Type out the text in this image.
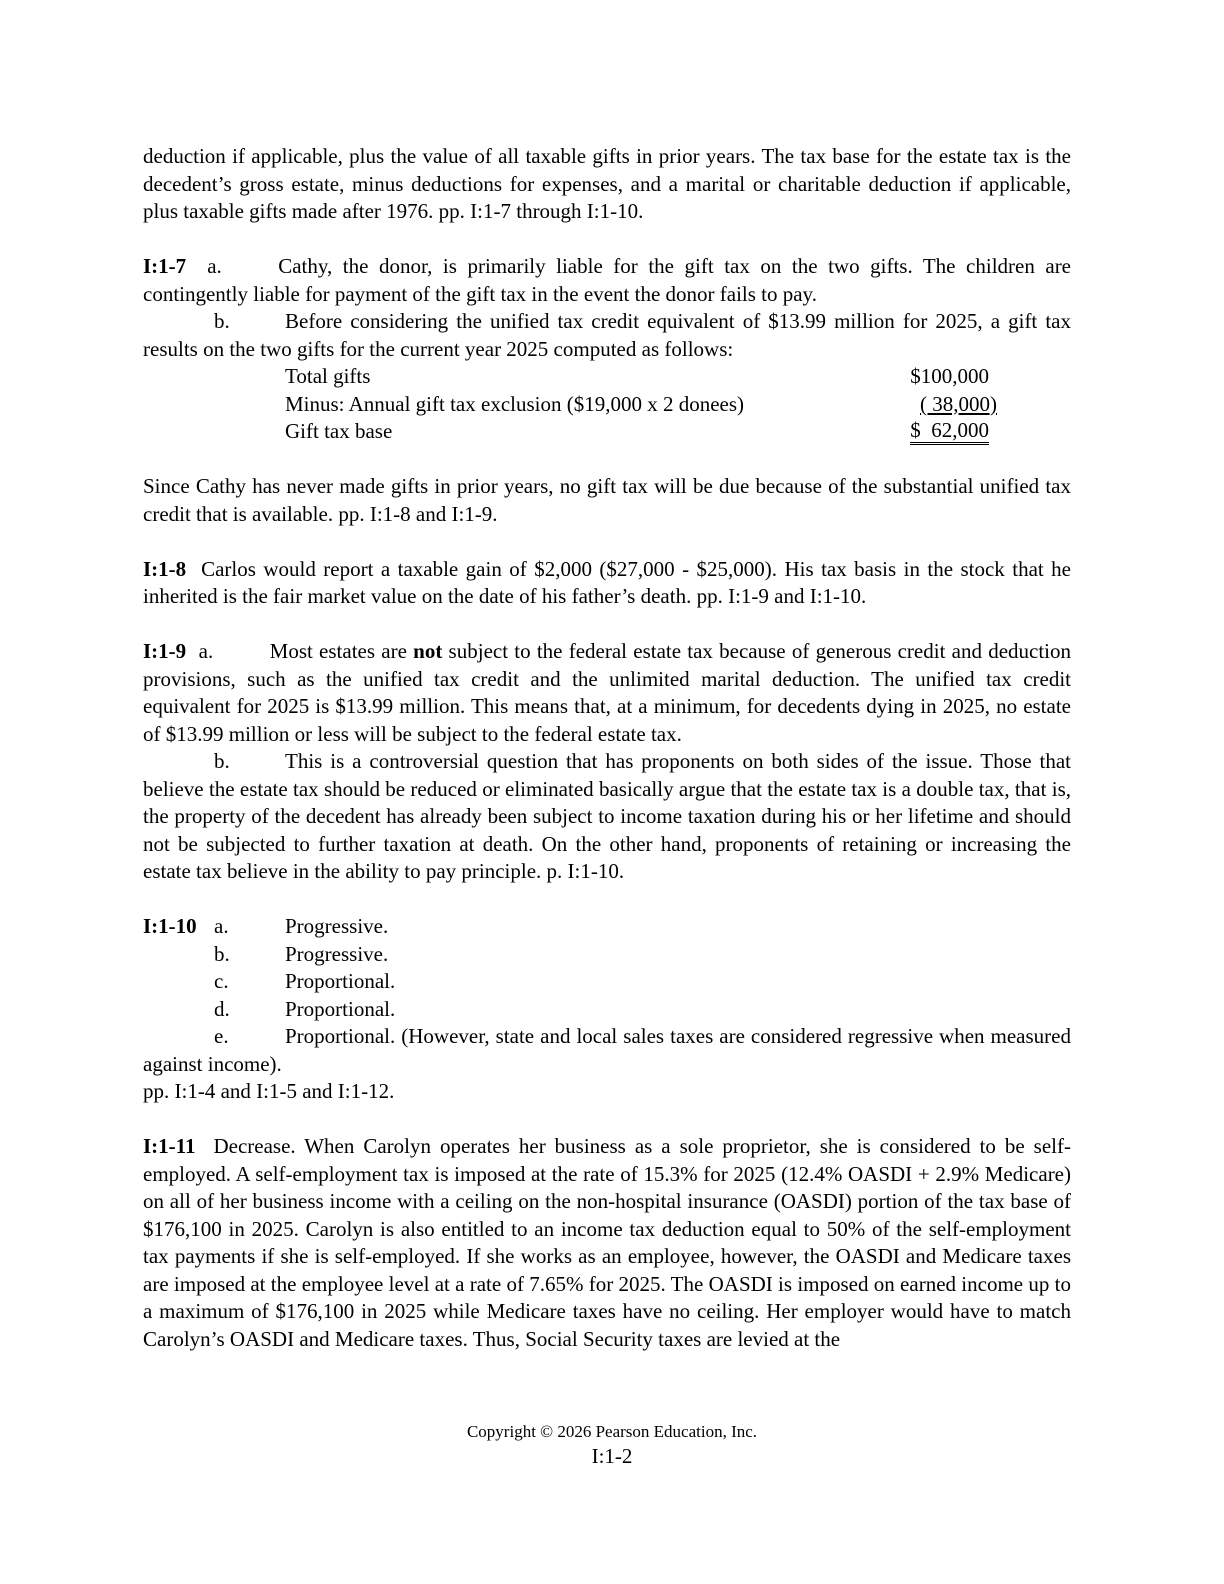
deduction if applicable, plus the value of all taxable gifts in prior years. The tax base for the estate tax is the decedent’s gross estate, minus deductions for expenses, and a marital or charitable deduction if applicable, plus taxable gifts made after 1976. pp. I:1-7 through I:1-10.

I:1-7 a.	Cathy, the donor, is primarily liable for the gift tax on the two gifts. The children are contingently liable for payment of the gift tax in the event the donor fails to pay.

b.	Before considering the unified tax credit equivalent of $13.99 million for 2025, a gift tax results on the two gifts for the current year 2025 computed as follows:

Total gifts	$100,000
Minus: Annual gift tax exclusion ($19,000 x 2 donees)	( 38,000)
Gift tax base	$  62,000

Since Cathy has never made gifts in prior years, no gift tax will be due because of the substantial unified tax credit that is available. pp. I:1-8 and I:1-9.

I:1-8 Carlos would report a taxable gain of $2,000 ($27,000 - $25,000). His tax basis in the stock that he inherited is the fair market value on the date of his father’s death. pp. I:1-9 and I:1-10.

I:1-9 a.	Most estates are not subject to the federal estate tax because of generous credit and deduction provisions, such as the unified tax credit and the unlimited marital deduction. The unified tax credit equivalent for 2025 is $13.99 million. This means that, at a minimum, for decedents dying in 2025, no estate of $13.99 million or less will be subject to the federal estate tax.

b.	This is a controversial question that has proponents on both sides of the issue. Those that believe the estate tax should be reduced or eliminated basically argue that the estate tax is a double tax, that is, the property of the decedent has already been subject to income taxation during his or her lifetime and should not be subjected to further taxation at death. On the other hand, proponents of retaining or increasing the estate tax believe in the ability to pay principle. p. I:1-10.

I:1-10 a.	Progressive.
b.	Progressive.
c.	Proportional.
d.	Proportional.

e.	Proportional. (However, state and local sales taxes are considered regressive when measured against income).

pp. I:1-4 and I:1-5 and I:1-12.

I:1-11 Decrease. When Carolyn operates her business as a sole proprietor, she is considered to be self-employed. A self-employment tax is imposed at the rate of 15.3% for 2025 (12.4% OASDI + 2.9% Medicare) on all of her business income with a ceiling on the non-hospital insurance (OASDI) portion of the tax base of $176,100 in 2025. Carolyn is also entitled to an income tax deduction equal to 50% of the self-employment tax payments if she is self-employed. If she works as an employee, however, the OASDI and Medicare taxes are imposed at the employee level at a rate of 7.65% for 2025. The OASDI is imposed on earned income up to a maximum of $176,100 in 2025 while Medicare taxes have no ceiling. Her employer would have to match Carolyn’s OASDI and Medicare taxes. Thus, Social Security taxes are levied at the

Copyright © 2026 Pearson Education, Inc.
I:1-2
